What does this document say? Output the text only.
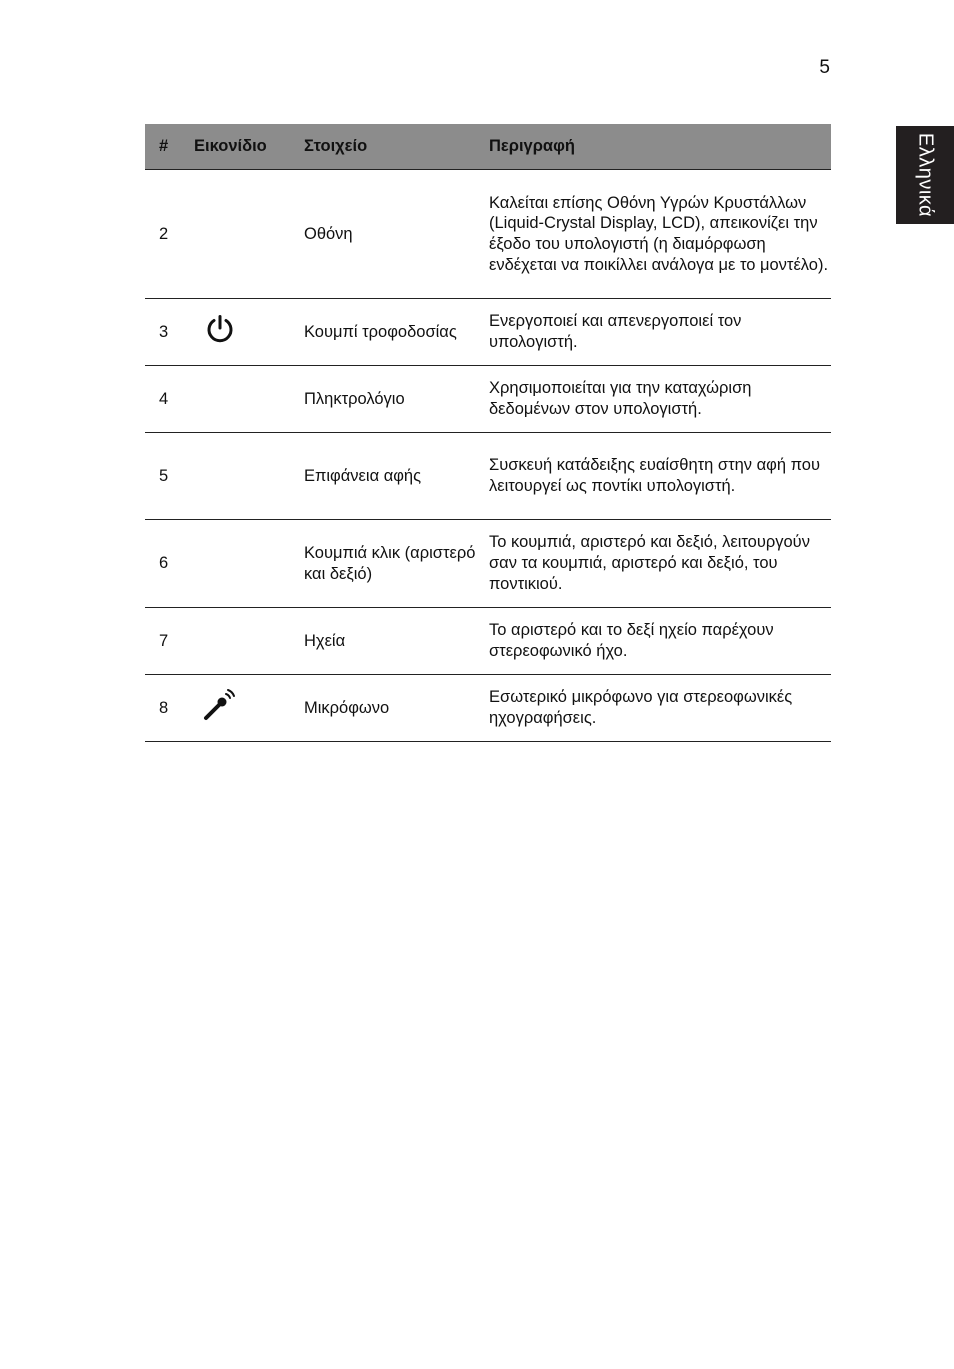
5
Ελληνικά
#	Εικονίδιο	Στοιχείο	Περιγραφή
2		Οθόνη	Καλείται επίσης Οθόνη Υγρών Κρυστάλλων (Liquid-Crystal Display, LCD), απεικονίζει την έξοδο του υπολογιστή (η διαμόρφωση ενδέχεται να ποικίλλει ανάλογα με το μοντέλο).
3		Κουμπί τροφοδοσίας	Ενεργοποιεί και απενεργοποιεί τον υπολογιστή.
4		Πληκτρολόγιο	Χρησιμοποιείται για την καταχώριση δεδομένων στον υπολογιστή.
5		Επιφάνεια αφής	Συσκευή κατάδειξης ευαίσθητη στην αφή που λειτουργεί ως ποντίκι υπολογιστή.
6		Κουμπιά κλικ (αριστερό και δεξιό)	Το κουμπιά, αριστερό και δεξιό, λειτουργούν σαν τα κουμπιά, αριστερό και δεξιό, του ποντικιού.
7		Ηχεία	Το αριστερό και το δεξί ηχείο παρέχουν στερεοφωνικό ήχο.
8		Μικρόφωνο	Εσωτερικό μικρόφωνο για στερεοφωνικές ηχογραφήσεις.
